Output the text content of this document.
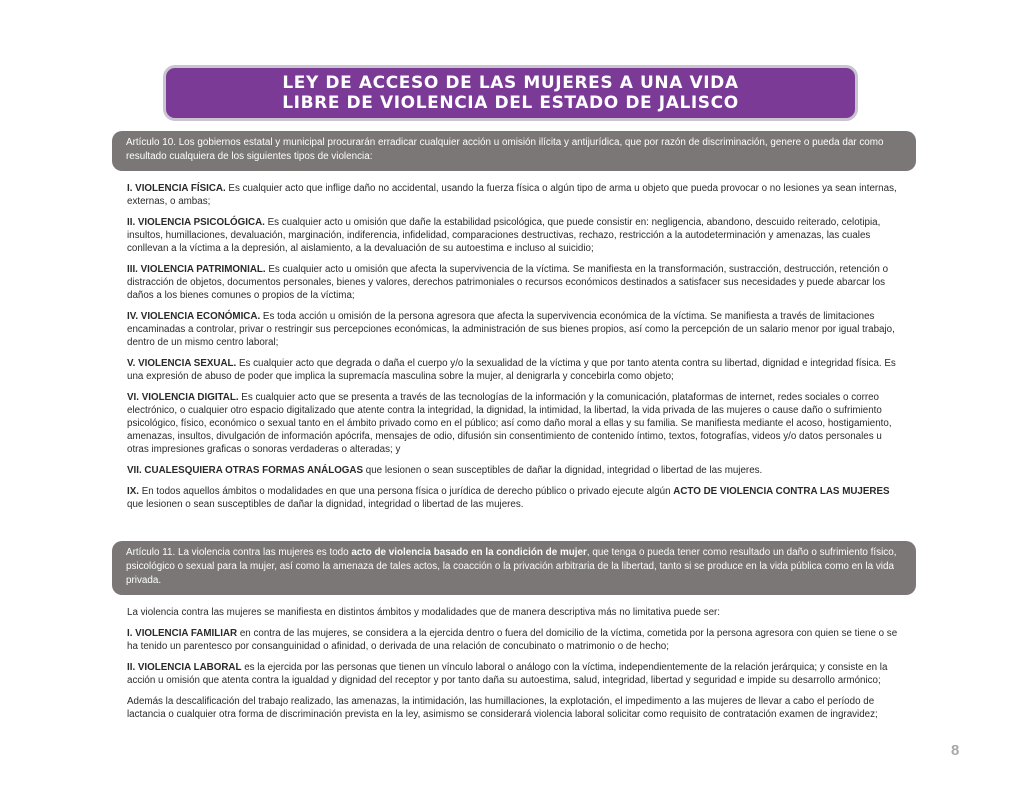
LEY DE ACCESO DE LAS MUJERES A UNA VIDA
LIBRE DE VIOLENCIA DEL ESTADO DE JALISCO
Artículo 10. Los gobiernos estatal y municipal procurarán erradicar cualquier acción u omisión ilícita y antijurídica, que por razón de discriminación, genere o pueda dar como resultado cualquiera de los siguientes tipos de violencia:

I. VIOLENCIA FÍSICA. Es cualquier acto que inflige daño no accidental, usando la fuerza física o algún tipo de arma u objeto que pueda provocar o no lesiones ya sean internas, externas, o ambas;

II. VIOLENCIA PSICOLÓGICA. Es cualquier acto u omisión que dañe la estabilidad psicológica, que puede consistir en: negligencia, abandono, descuido reiterado, celotipia, insultos, humillaciones, devaluación, marginación, indiferencia, infidelidad, comparaciones destructivas, rechazo, restricción a la autodeterminación y amenazas, las cuales conllevan a la víctima a la depresión, al aislamiento, a la devaluación de su autoestima e incluso al suicidio;

III. VIOLENCIA PATRIMONIAL. Es cualquier acto u omisión que afecta la supervivencia de la víctima. Se manifiesta en la transformación, sustracción, destrucción, retención o distracción de objetos, documentos personales, bienes y valores, derechos patrimoniales o recursos económicos destinados a satisfacer sus necesidades y puede abarcar los daños a los bienes comunes o propios de la víctima;

IV. VIOLENCIA ECONÓMICA. Es toda acción u omisión de la persona agresora que afecta la supervivencia económica de la víctima. Se manifiesta a través de limitaciones encaminadas a controlar, privar o restringir sus percepciones económicas, la administración de sus bienes propios, así como la percepción de un salario menor por igual trabajo, dentro de un mismo centro laboral;

V. VIOLENCIA SEXUAL. Es cualquier acto que degrada o daña el cuerpo y/o la sexualidad de la víctima y que por tanto atenta contra su libertad, dignidad e integridad física. Es una expresión de abuso de poder que implica la supremacía masculina sobre la mujer, al denigrarla y concebirla como objeto;

VI. VIOLENCIA DIGITAL. Es cualquier acto que se presenta a través de las tecnologías de la información y la comunicación, plataformas de internet, redes sociales o correo electrónico, o cualquier otro espacio digitalizado que atente contra la integridad, la dignidad, la intimidad, la libertad, la vida privada de las mujeres o cause daño o sufrimiento psicológico, físico, económico o sexual tanto en el ámbito privado como en el público; así como daño moral a ellas y su familia. Se manifiesta mediante el acoso, hostigamiento, amenazas, insultos, divulgación de información apócrifa, mensajes de odio, difusión sin consentimiento de contenido íntimo, textos, fotografías, videos y/o datos personales u otras impresiones graficas o sonoras verdaderas o alteradas; y

VII. CUALESQUIERA OTRAS FORMAS ANÁLOGAS que lesionen o sean susceptibles de dañar la dignidad, integridad o libertad de las mujeres.

IX. En todos aquellos ámbitos o modalidades en que una persona física o jurídica de derecho público o privado ejecute algún ACTO DE VIOLENCIA CONTRA LAS MUJERES que lesionen o sean susceptibles de dañar la dignidad, integridad o libertad de las mujeres.

Artículo 11. La violencia contra las mujeres es todo acto de violencia basado en la condición de mujer, que tenga o pueda tener como resultado un daño o sufrimiento físico, psicológico o sexual para la mujer, así como la amenaza de tales actos, la coacción o la privación arbitraria de la libertad, tanto si se produce en la vida pública como en la vida privada.

La violencia contra las mujeres se manifiesta en distintos ámbitos y modalidades que de manera descriptiva más no limitativa puede ser:

I. VIOLENCIA FAMILIAR en contra de las mujeres, se considera a la ejercida dentro o fuera del domicilio de la víctima, cometida por la persona agresora con quien se tiene o se ha tenido un parentesco por consanguinidad o afinidad, o derivada de una relación de concubinato o matrimonio o de hecho;

II. VIOLENCIA LABORAL es la ejercida por las personas que tienen un vínculo laboral o análogo con la víctima, independientemente de la relación jerárquica; y consiste en la acción u omisión que atenta contra la igualdad y dignidad del receptor y por tanto daña su autoestima, salud, integridad, libertad y seguridad e impide su desarrollo armónico;

Además la descalificación del trabajo realizado, las amenazas, la intimidación, las humillaciones, la explotación, el impedimento a las mujeres de llevar a cabo el período de lactancia o cualquier otra forma de discriminación prevista en la ley, asimismo se considerará violencia laboral solicitar como requisito de contratación examen de ingravidez;

8
